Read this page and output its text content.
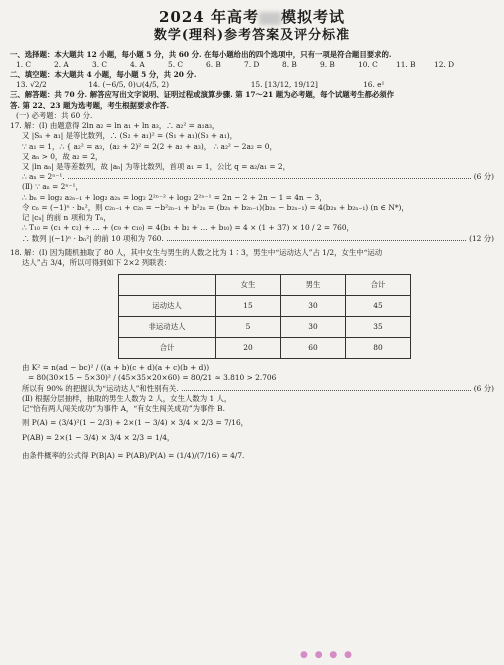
2024 年高考 模拟考试
数学(理科)参考答案及评分标准
一、选择题：本大题共 12 小题，每小题 5 分，共 60 分. 在每小题给出的四个选项中，只有一项是符合题目要求的.
1. C	2. A	3. C	4. A	5. C	6. B	7. D	8. B	9. B	10. C	11. B	12. D
二、填空题：本大题共 4 小题，每小题 5 分，共 20 分.
13. √2/2	14. (−6/5, 0)∪(4/5, 2)	15. [13/12, 19/12]	16. e¹
三、解答题：共 70 分. 解答应写出文字说明、证明过程或演算步骤. 第 17～21 题为必考题，每个试题考生都必须作
答. 第 22、23 题为选考题，考生根据要求作答.
(一) 必考题：共 60 分.
17. 解：(Ⅰ) 由题意得 2ln a₂ = ln a₁ + ln a₃，∴ a₂² = a₁a₃，
又 |Sₙ + a₁| 是等比数列，∴ (S₂ + a₁)² = (S₁ + a₁)(S₃ + a₁)，
∵ a₁ = 1，∴ { a₂² = a₃，(a₂ + 2)² = 2(2 + a₂ + a₃)， ∴ a₂² − 2a₂ = 0，
又 aₙ > 0，故 a₂ = 2，
又 |ln aₙ| 是等差数列，故 |aₙ| 为等比数列，首项 a₁ = 1，公比 q = a₂/a₁ = 2，
∴ aₙ = 2ⁿ⁻¹.	(6 分)
(Ⅱ) ∵ aₙ = 2ⁿ⁻¹，
∴ bₙ = log₂ a₂ₙ₋₁ + log₂ a₂ₙ = log₂ 2²ⁿ⁻² + log₂ 2²ⁿ⁻¹ = 2n − 2 + 2n − 1 = 4n − 3，
令 cₙ = (−1)ⁿ · bₙ²，则 c₂ₙ₋₁ + c₂ₙ = −b²₂ₙ₋₁ + b²₂ₙ = (b₂ₙ + b₂ₙ₋₁)(b₂ₙ − b₂ₙ₋₁) = 4(b₂ₙ + b₂ₙ₋₁) (n ∈ N*)，
记 |cₙ| 的前 n 项和为 Tₙ，
∴ T₁₀ = (c₁ + c₂) + … + (c₉ + c₁₀) = 4(b₁ + b₂ + … + b₁₀) = 4 × (1 + 37) × 10 / 2 = 760，
∴ 数列 |(−1)ⁿ · bₙ²| 的前 10 项和为 760.	(12 分)
18. 解：(Ⅰ) 因为随机抽取了 80 人，其中女生与男生的人数之比为 1∶3，男生中“运动达人”占 1/2，女生中“运动
达人”占 3/4，所以可得到如下 2×2 列联表：
	女生	男生	合计
运动达人	15	30	45
非运动达人	5	30	35
合计	20	60	80
由 K² = n(ad − bc)² / ((a + b)(c + d)(a + c)(b + d))
= 80(30×15 − 5×30)² / (45×35×20×60) = 80/21 ≈ 3.810 > 2.706
所以有 90% 的把握认为“运动达人”和性别有关.	(6 分)
(Ⅱ) 根据分层抽样，抽取的男生人数为 2 人，女生人数为 1 人，
记“恰有两人闯关成功”为事件 A，“有女生闯关成功”为事件 B.
则 P(A) = (3/4)²(1 − 2/3) + 2×(1 − 3/4) × 3/4 × 2/3 = 7/16，
P(AB) = 2×(1 − 3/4) × 3/4 × 2/3 = 1/4，
由条件概率的公式得 P(B|A) = P(AB)/P(A) = (1/4)/(7/16) = 4/7.
● ● ● ●
